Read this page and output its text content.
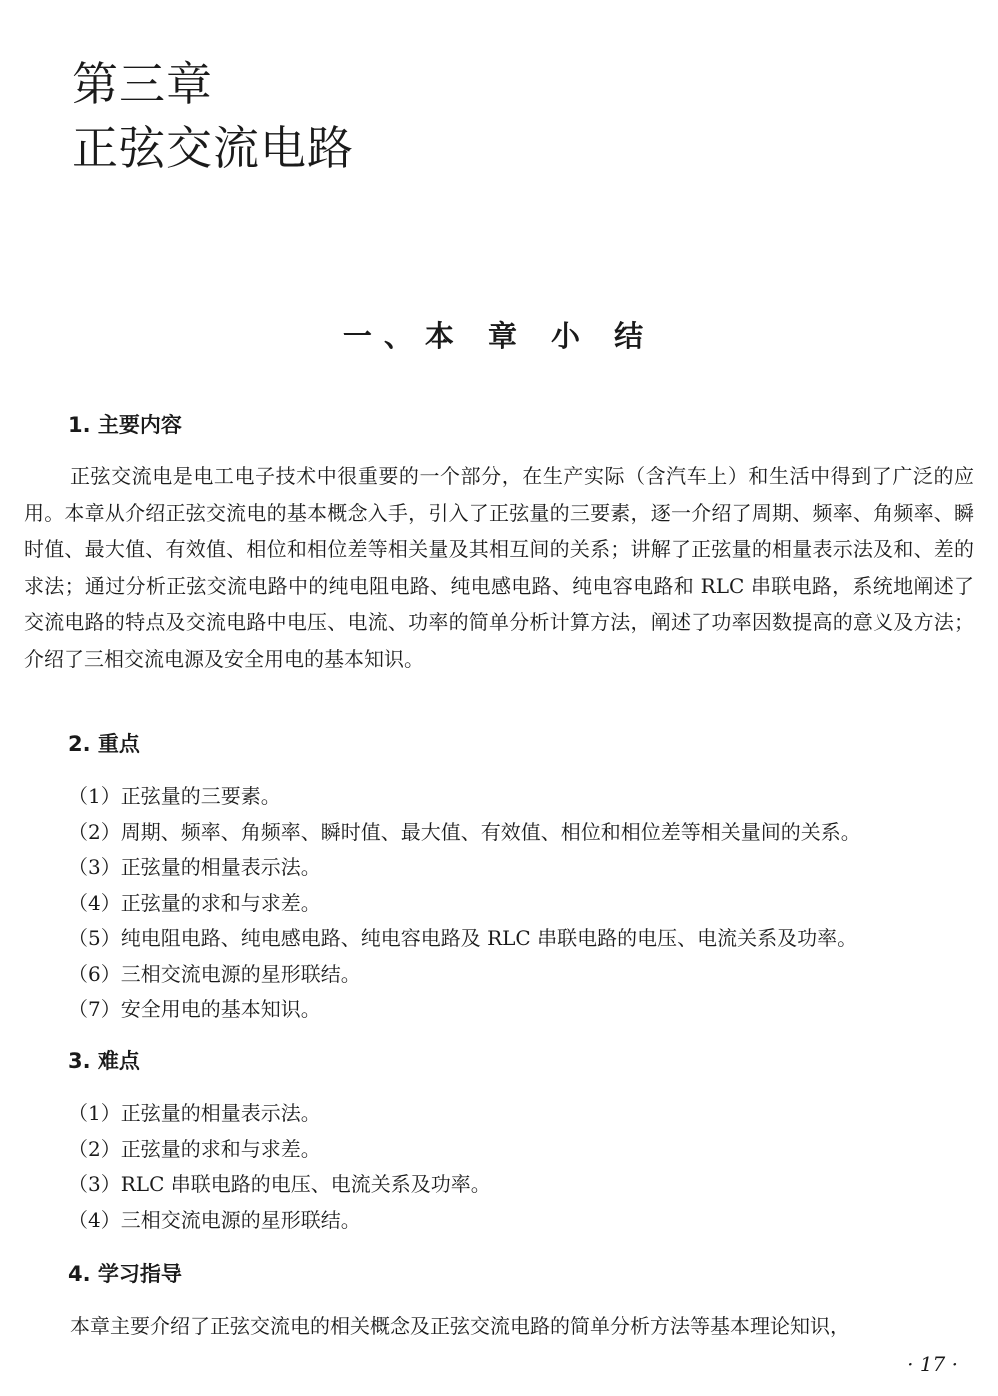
第三章
正弦交流电路
一、本 章 小 结
1. 主要内容

正弦交流电是电工电子技术中很重要的一个部分，在生产实际（含汽车上）和生活中得到了广泛的应用。本章从介绍正弦交流电的基本概念入手，引入了正弦量的三要素，逐一介绍了周期、频率、角频率、瞬时值、最大值、有效值、相位和相位差等相关量及其相互间的关系；讲解了正弦量的相量表示法及和、差的求法；通过分析正弦交流电路中的纯电阻电路、纯电感电路、纯电容电路和 RLC 串联电路，系统地阐述了交流电路的特点及交流电路中电压、电流、功率的简单分析计算方法，阐述了功率因数提高的意义及方法；介绍了三相交流电源及安全用电的基本知识。

2. 重点
（1）正弦量的三要素。
（2）周期、频率、角频率、瞬时值、最大值、有效值、相位和相位差等相关量间的关系。
（3）正弦量的相量表示法。
（4）正弦量的求和与求差。
（5）纯电阻电路、纯电感电路、纯电容电路及 RLC 串联电路的电压、电流关系及功率。
（6）三相交流电源的星形联结。
（7）安全用电的基本知识。
3. 难点
（1）正弦量的相量表示法。
（2）正弦量的求和与求差。
（3）RLC 串联电路的电压、电流关系及功率。
（4）三相交流电源的星形联结。
4. 学习指导

本章主要介绍了正弦交流电的相关概念及正弦交流电路的简单分析方法等基本理论知识，

· 17 ·
